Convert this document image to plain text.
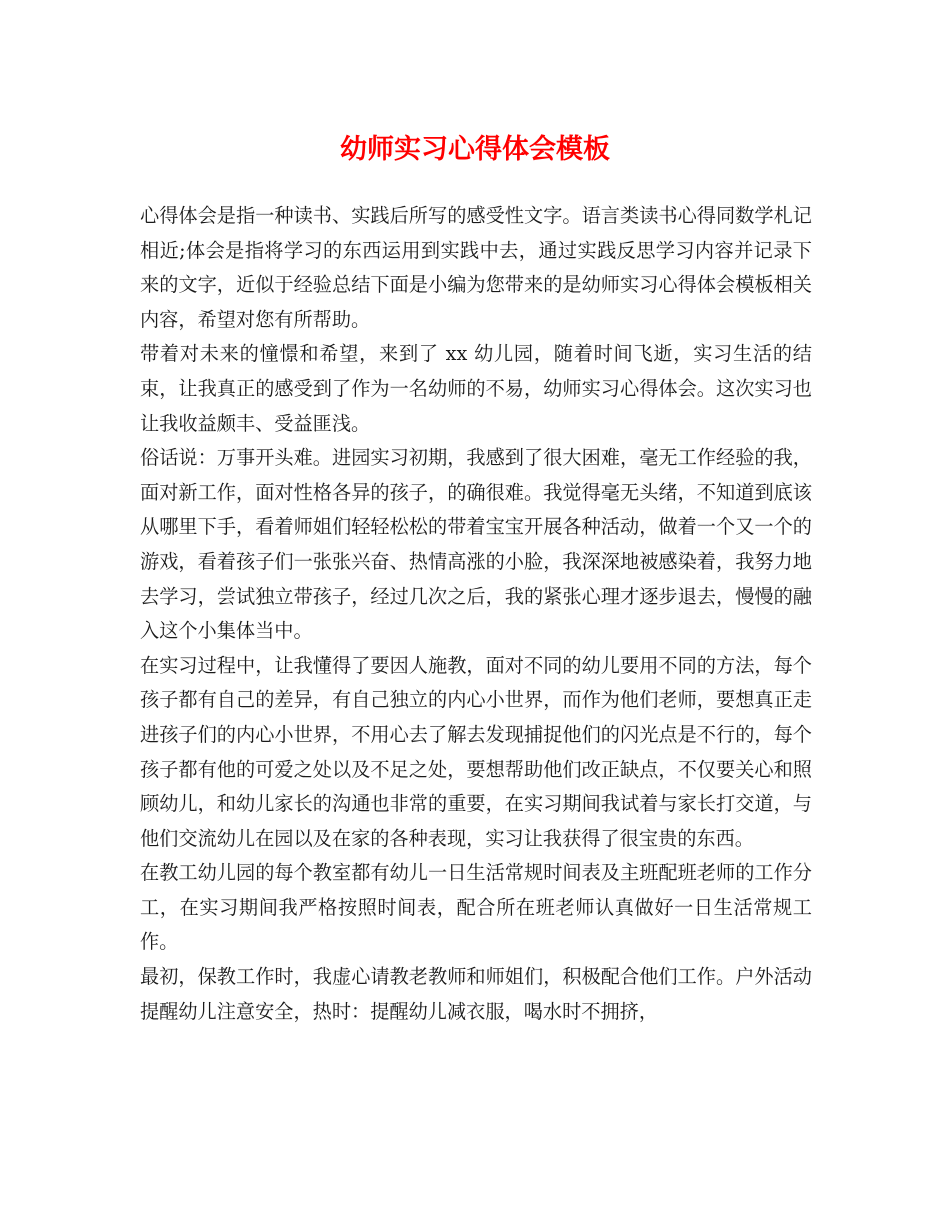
幼师实习心得体会模板

心得体会是指一种读书、实践后所写的感受性文字。语言类读书心得同数学札记相近;体会是指将学习的东西运用到实践中去，通过实践反思学习内容并记录下来的文字，近似于经验总结下面是小编为您带来的是幼师实习心得体会模板相关内容，希望对您有所帮助。

带着对未来的憧憬和希望，来到了 xx 幼儿园，随着时间飞逝，实习生活的结束，让我真正的感受到了作为一名幼师的不易，幼师实习心得体会。这次实习也让我收益颇丰、受益匪浅。

俗话说：万事开头难。进园实习初期，我感到了很大困难，毫无工作经验的我，面对新工作，面对性格各异的孩子，的确很难。我觉得毫无头绪，不知道到底该从哪里下手，看着师姐们轻轻松松的带着宝宝开展各种活动，做着一个又一个的游戏，看着孩子们一张张兴奋、热情高涨的小脸，我深深地被感染着，我努力地去学习，尝试独立带孩子，经过几次之后，我的紧张心理才逐步退去，慢慢的融入这个小集体当中。

在实习过程中，让我懂得了要因人施教，面对不同的幼儿要用不同的方法，每个孩子都有自己的差异，有自己独立的内心小世界，而作为他们老师，要想真正走进孩子们的内心小世界，不用心去了解去发现捕捉他们的闪光点是不行的，每个孩子都有他的可爱之处以及不足之处，要想帮助他们改正缺点，不仅要关心和照顾幼儿，和幼儿家长的沟通也非常的重要，在实习期间我试着与家长打交道，与他们交流幼儿在园以及在家的各种表现，实习让我获得了很宝贵的东西。

在教工幼儿园的每个教室都有幼儿一日生活常规时间表及主班配班老师的工作分工，在实习期间我严格按照时间表，配合所在班老师认真做好一日生活常规工作。

最初，保教工作时，我虚心请教老教师和师姐们，积极配合他们工作。户外活动提醒幼儿注意安全，热时：提醒幼儿减衣服，喝水时不拥挤，
